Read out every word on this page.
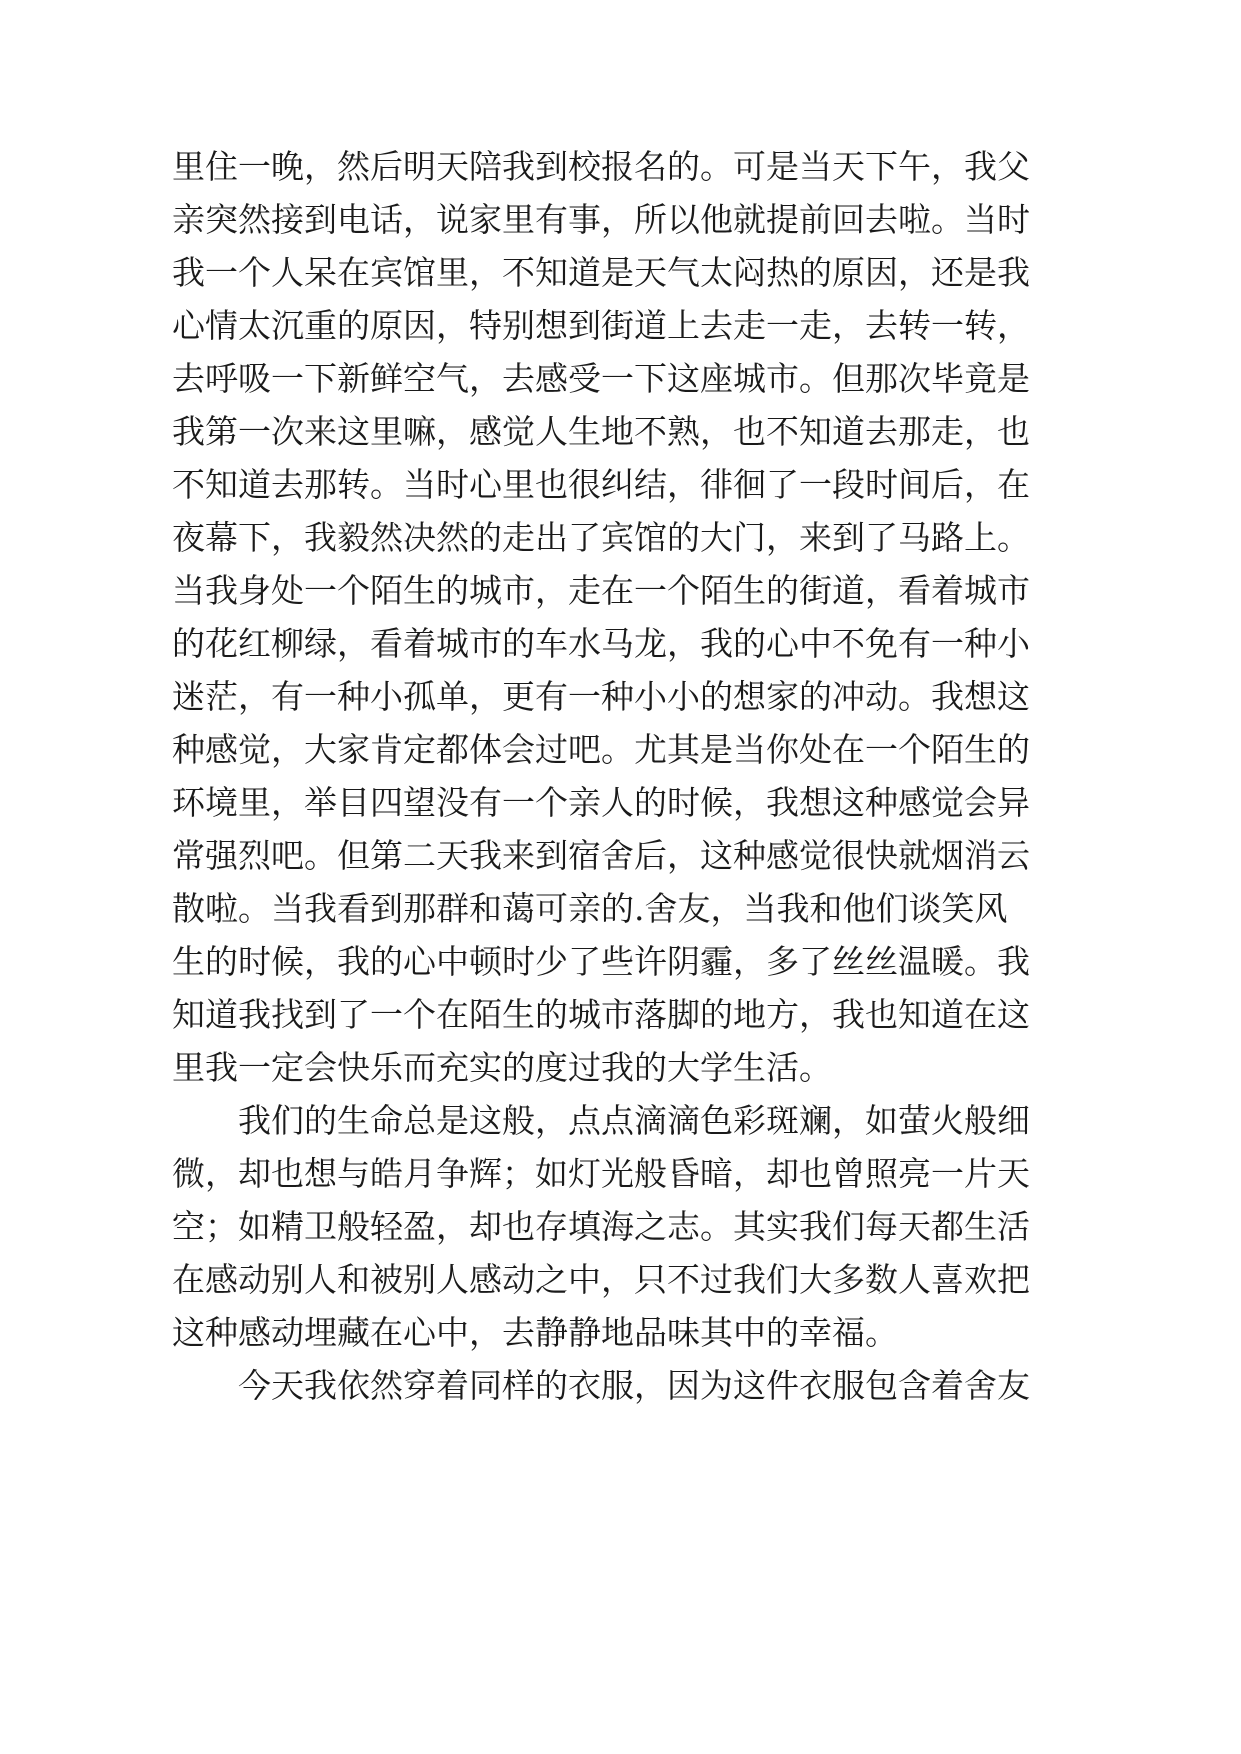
里 住 一 晚 ， 然 后 明 天 陪 我 到 校 报 名 的 。 可 是 当 天 下 午 ， 我 父
亲 突 然 接 到 电 话 ， 说 家 里 有 事 ， 所 以 他 就 提 前 回 去 啦 。 当 时
我 一 个 人 呆 在 宾 馆 里 ， 不 知 道 是 天 气 太 闷 热 的 原 因 ， 还 是 我
心 情 太 沉 重 的 原 因 ， 特 别 想 到 街 道 上 去 走 一 走 ， 去 转 一 转 ，
去 呼 吸 一 下 新 鲜 空 气 ， 去 感 受 一 下 这 座 城 市 。 但 那 次 毕 竟 是
我 第 一 次 来 这 里 嘛 ， 感 觉 人 生 地 不 熟 ， 也 不 知 道 去 那 走 ， 也
不 知 道 去 那 转 。 当 时 心 里 也 很 纠 结 ， 徘 徊 了 一 段 时 间 后 ， 在
夜 幕 下 ， 我 毅 然 决 然 的 走 出 了 宾 馆 的 大 门 ， 来 到 了 马 路 上 。
当 我 身 处 一 个 陌 生 的 城 市 ， 走 在 一 个 陌 生 的 街 道 ， 看 着 城 市
的 花 红 柳 绿 ， 看 着 城 市 的 车 水 马 龙 ， 我 的 心 中 不 免 有 一 种 小
迷 茫 ， 有 一 种 小 孤 单 ， 更 有 一 种 小 小 的 想 家 的 冲 动 。 我 想 这
种 感 觉 ， 大 家 肯 定 都 体 会 过 吧 。 尤 其 是 当 你 处 在 一 个 陌 生 的
环 境 里 ， 举 目 四 望 没 有 一 个 亲 人 的 时 候 ， 我 想 这 种 感 觉 会 异
常 强 烈 吧 。 但 第 二 天 我 来 到 宿 舍 后 ， 这 种 感 觉 很 快 就 烟 消 云
散 啦 。 当 我 看 到 那 群 和 蔼 可 亲 的 . 舍 友 ， 当 我 和 他 们 谈 笑 风
生 的 时 候 ， 我 的 心 中 顿 时 少 了 些 许 阴 霾 ， 多 了 丝 丝 温 暖 。 我
知 道 我 找 到 了 一 个 在 陌 生 的 城 市 落 脚 的 地 方 ， 我 也 知 道 在 这
里我一定会快乐而充实的度过我的大学生活。
我 们 的 生 命 总 是 这 般 ， 点 点 滴 滴 色 彩 斑 斓 ， 如 萤 火 般 细
微 ， 却 也 想 与 皓 月 争 辉 ； 如 灯 光 般 昏 暗 ， 却 也 曾 照 亮 一 片 天
空 ； 如 精 卫 般 轻 盈 ， 却 也 存 填 海 之 志 。 其 实 我 们 每 天 都 生 活
在 感 动 别 人 和 被 别 人 感 动 之 中 ， 只 不 过 我 们 大 多 数 人 喜 欢 把
这种感动埋藏在心中，去静静地品味其中的幸福。
今 天 我 依 然 穿 着 同 样 的 衣 服 ， 因 为 这 件 衣 服 包 含 着 舍 友
